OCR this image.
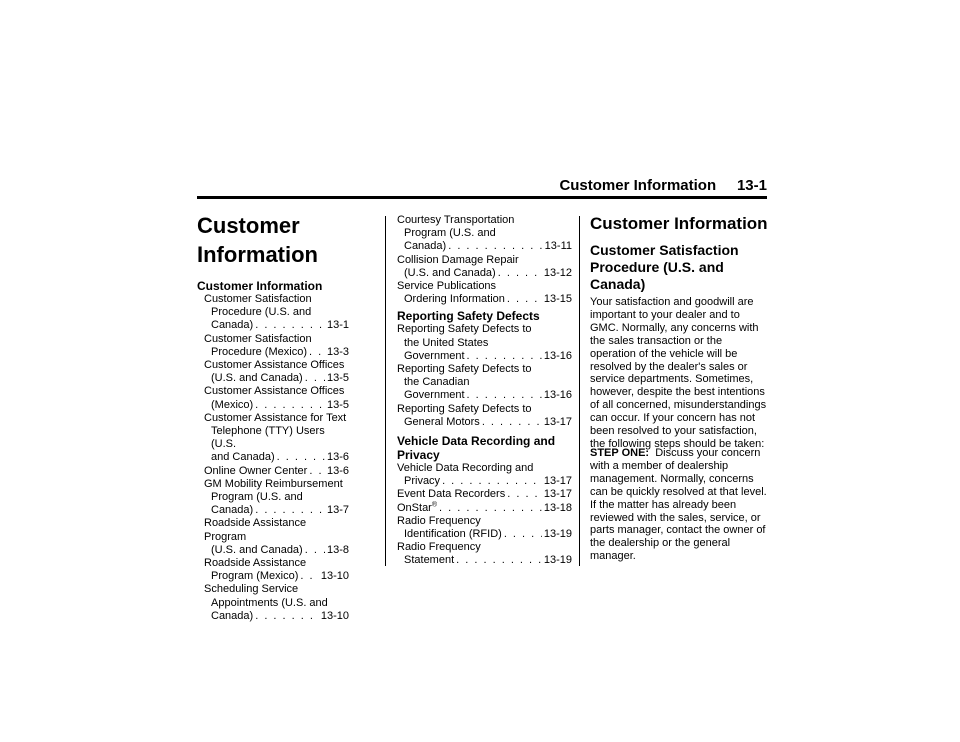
Customer Information 13-1
Customer
Information
Customer Information
Customer Satisfaction
Procedure (U.S. and
Canada) . . .	13-1
Customer Satisfaction
Procedure (Mexico) . . . 13-3
Customer Assistance Offices
(U.S. and Canada) . . . 13-5
Customer Assistance Offices
(Mexico) . . .	13-5
Customer Assistance for Text
Telephone (TTY) Users (U.S.
and Canada) . . .	13-6
Online Owner Center . . . 13-6
GM Mobility Reimbursement
Program (U.S. and
Canada) . . .	13-7
Roadside Assistance Program
(U.S. and Canada) . . . 13-8
Roadside Assistance
Program (Mexico) . . . 13-10
Scheduling Service
Appointments (U.S. and
Canada) . . .	13-10
Courtesy Transportation
Program (U.S. and
Canada) . . .	13-11
Collision Damage Repair
(U.S. and Canada) . . .	13-12
Service Publications
Ordering Information . . .	13-15
Reporting Safety Defects
Reporting Safety Defects to
the United States
Government . . .	13-16
Reporting Safety Defects to
the Canadian
Government . . .	13-16
Reporting Safety Defects to
General Motors . . .	13-17
Vehicle Data Recording and
Privacy
Vehicle Data Recording and
Privacy . . .	13-17
Event Data Recorders . . .	13-17
OnStar® . . .	13-18
Radio Frequency
Identification (RFID) . . .	13-19
Radio Frequency
Statement . . .	13-19
Customer Information
Customer Satisfaction Procedure (U.S. and Canada)

Your satisfaction and goodwill are important to your dealer and to GMC. Normally, any concerns with the sales transaction or the operation of the vehicle will be resolved by the dealer's sales or service departments. Sometimes, however, despite the best intentions of all concerned, misunderstandings can occur. If your concern has not been resolved to your satisfaction, the following steps should be taken:

STEP ONE: Discuss your concern with a member of dealership management. Normally, concerns can be quickly resolved at that level. If the matter has already been reviewed with the sales, service, or parts manager, contact the owner of the dealership or the general manager.
